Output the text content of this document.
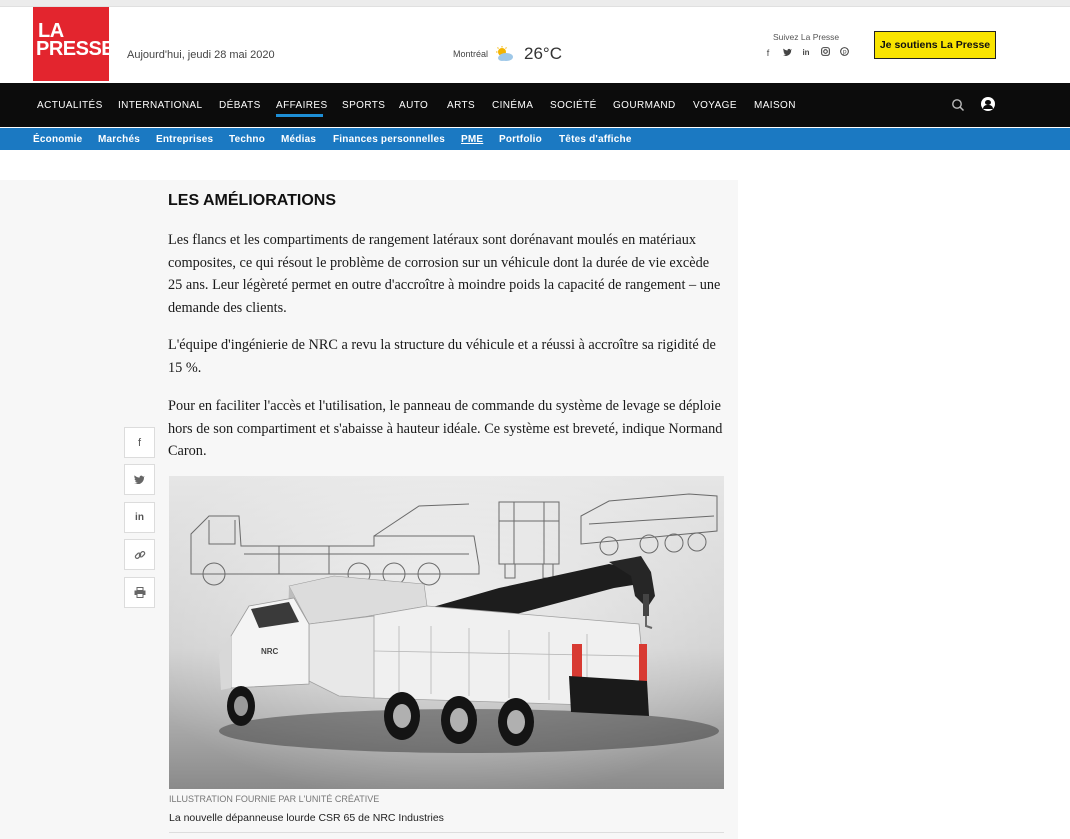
LA
PRESSE Aujourd'hui, jeudi 28 mai 2020	Montréal 26°C
Suivez La Presse
f	in	p
Je soutiens La Presse
ACTUALITÉS INTERNATIONAL DÉBATS AFFAIRES SPORTS AUTO ARTS CINÉMA SOCIÉTÉ GOURMAND VOYAGE MAISON
Économie Marchés Entreprises Techno Médias Finances personnelles PME Portfolio Têtes d'affiche
LES AMÉLIORATIONS

Les flancs et les compartiments de rangement latéraux sont dorénavant moulés en matériaux composites, ce qui résout le problème de corrosion sur un véhicule dont la durée de vie excède 25 ans. Leur légèreté permet en outre d'accroître à moindre poids la capacité de rangement – une demande des clients.

L'équipe d'ingénierie de NRC a revu la structure du véhicule et a réussi à accroître sa rigidité de 15 %.

Pour en faciliter l'accès et l'utilisation, le panneau de commande du système de levage se déploie hors de son compartiment et s'abaisse à hauteur idéale. Ce système est breveté, indique Normand Caron.

f
in
NRC
ILLUSTRATION FOURNIE PAR L'UNITÉ CRÉATIVE
La nouvelle dépanneuse lourde CSR 65 de NRC Industries
